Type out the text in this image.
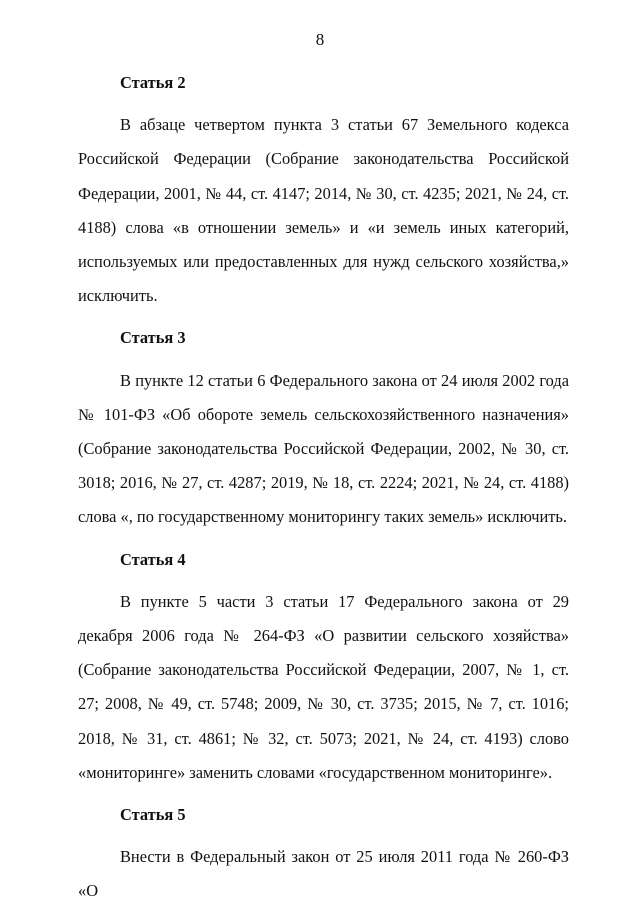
8
Статья 2
В абзаце четвертом пункта 3 статьи 67 Земельного кодекса Российской Федерации (Собрание законодательства Российской Федерации, 2001, № 44, ст. 4147; 2014, № 30, ст. 4235; 2021, № 24, ст. 4188) слова «в отношении земель» и «и земель иных категорий, используемых или предоставленных для нужд сельского хозяйства,» исключить.
Статья 3
В пункте 12 статьи 6 Федерального закона от 24 июля 2002 года № 101-ФЗ «Об обороте земель сельскохозяйственного назначения» (Собрание законодательства Российской Федерации, 2002, № 30, ст. 3018; 2016, № 27, ст. 4287; 2019, № 18, ст. 2224; 2021, № 24, ст. 4188) слова «, по государственному мониторингу таких земель» исключить.
Статья 4
В пункте 5 части 3 статьи 17 Федерального закона от 29 декабря 2006 года № 264-ФЗ «О развитии сельского хозяйства» (Собрание законодательства Российской Федерации, 2007, № 1, ст. 27; 2008, № 49, ст. 5748; 2009, № 30, ст. 3735; 2015, № 7, ст. 1016; 2018, № 31, ст. 4861; № 32, ст. 5073; 2021, № 24, ст. 4193) слово «мониторинге» заменить словами «государственном мониторинге».
Статья 5
Внести в Федеральный закон от 25 июля 2011 года № 260-ФЗ «О
